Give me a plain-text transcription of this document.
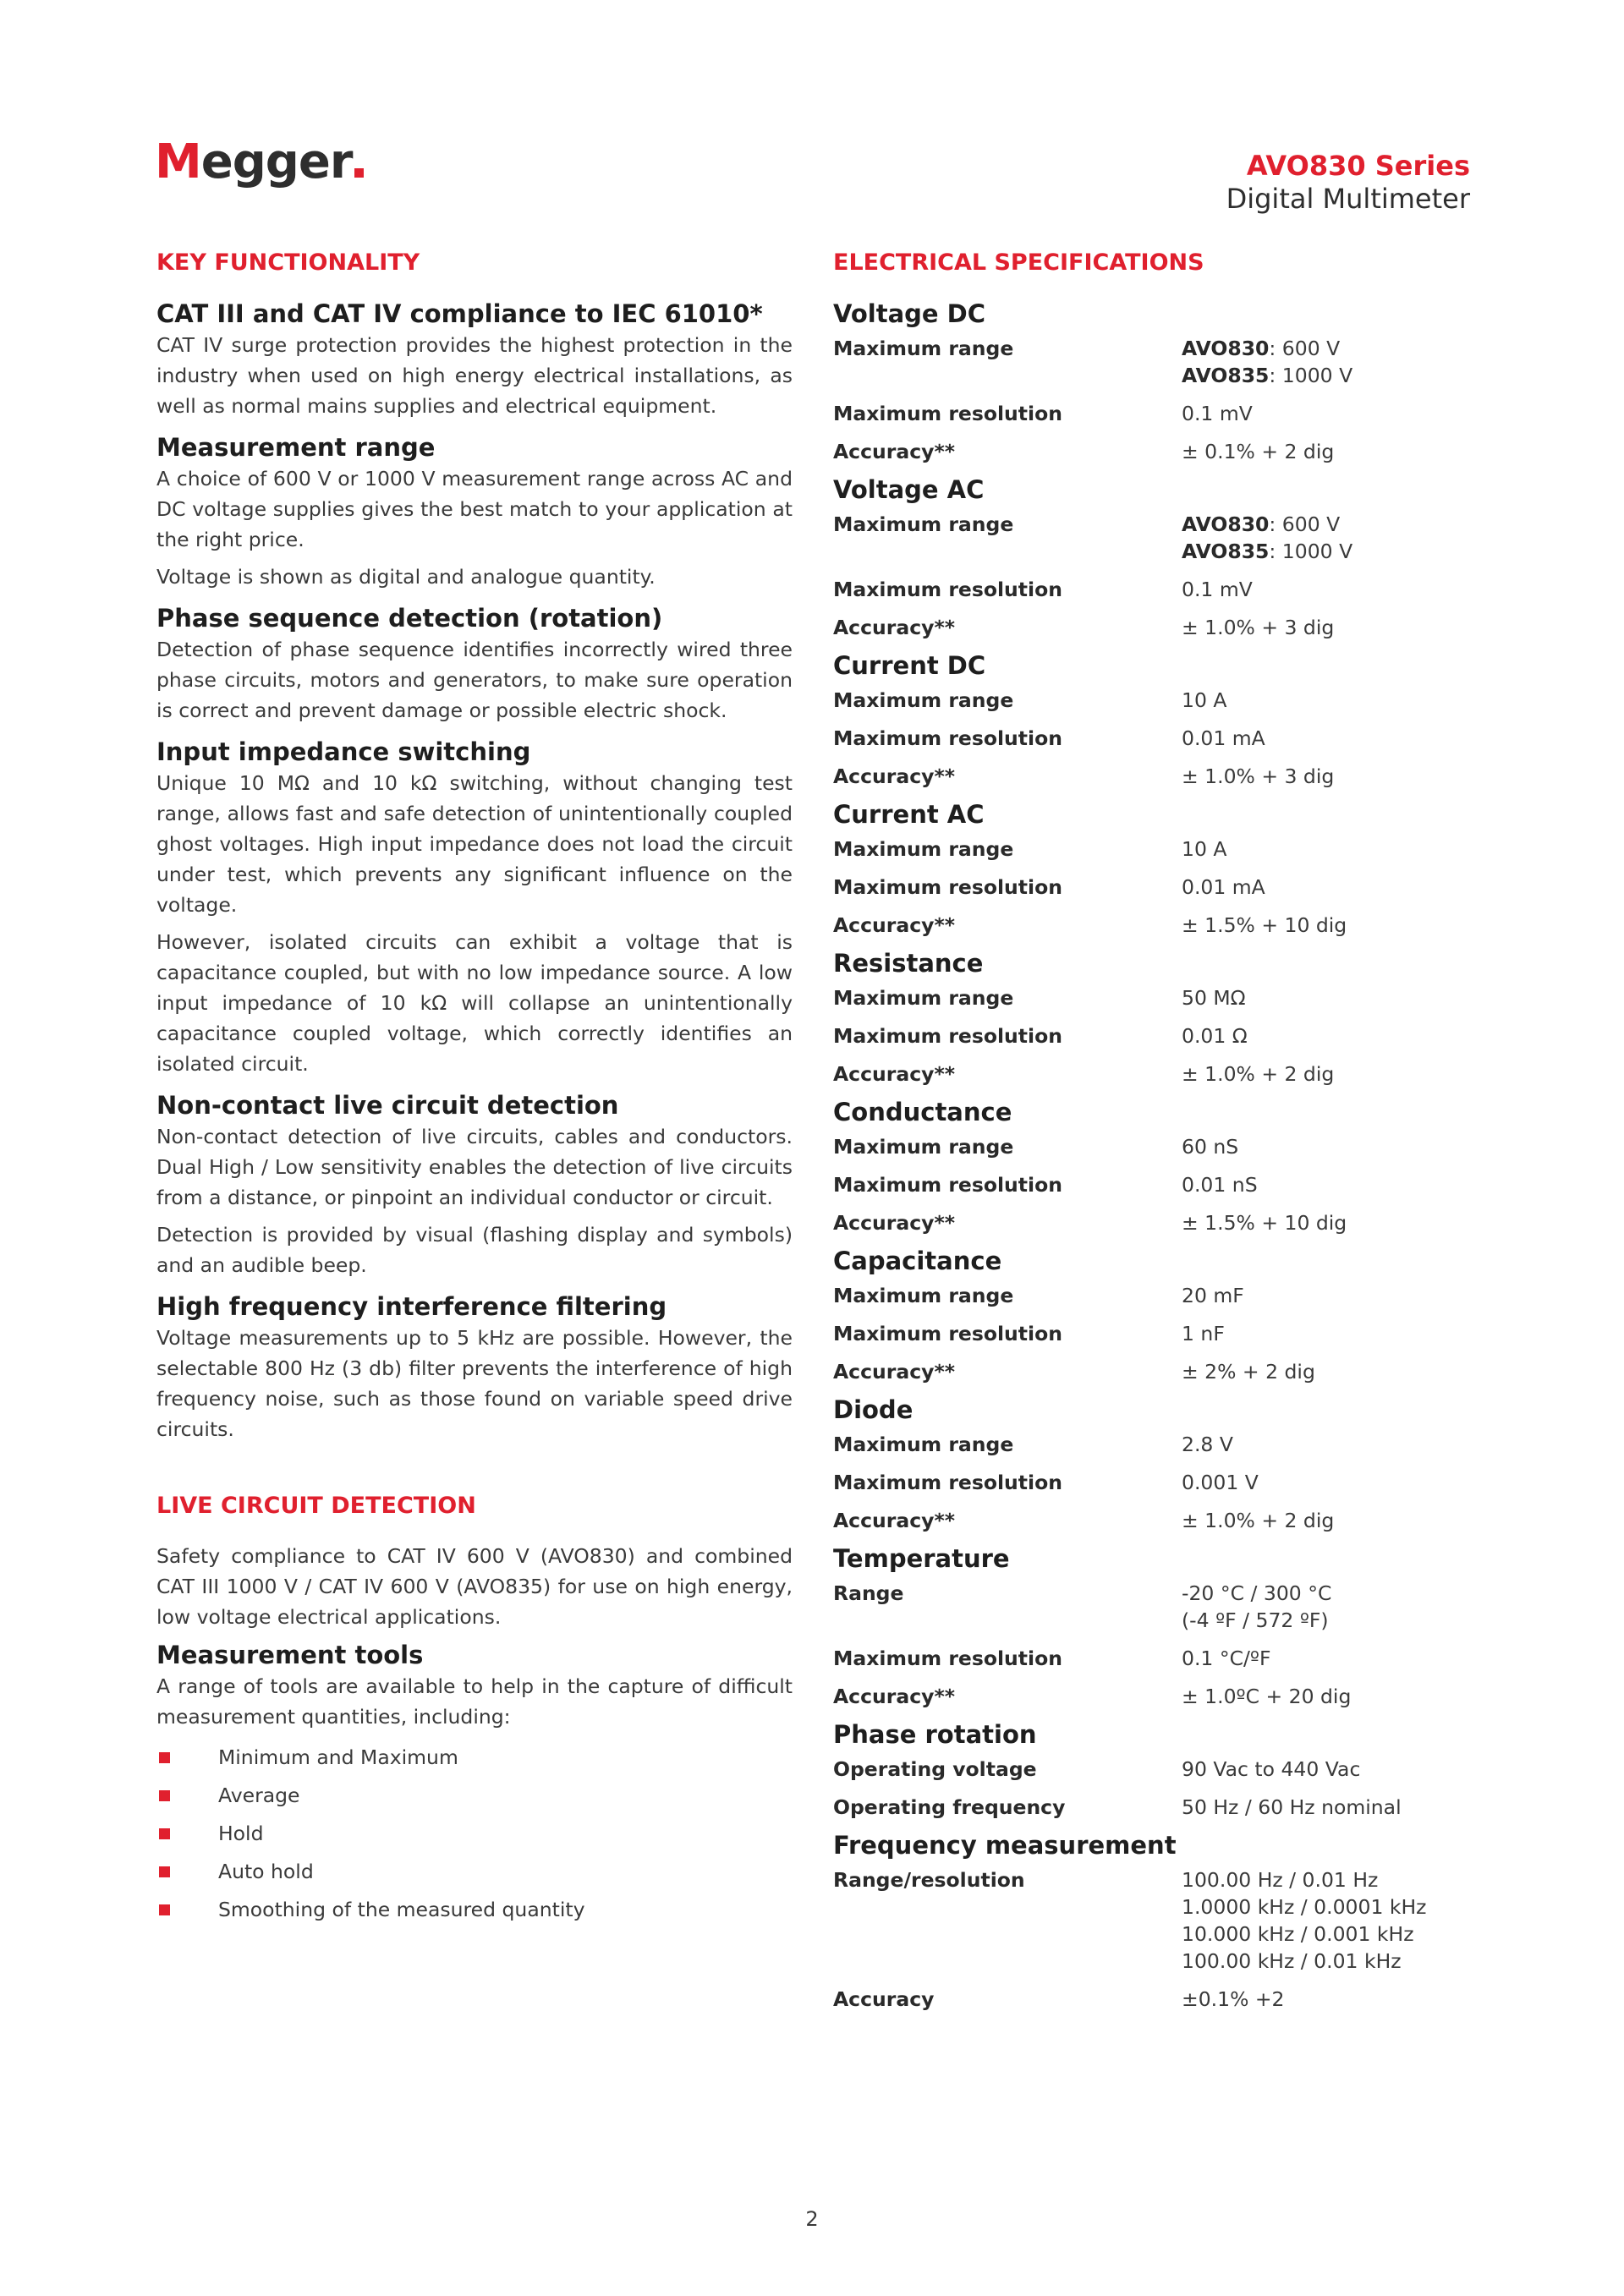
Megger	AVO830 Series
Digital Multimeter
KEY FUNCTIONALITY
CAT III and CAT IV compliance to IEC 61010*

CAT IV surge protection provides the highest protection in the industry when used on high energy electrical installations, as well as normal mains supplies and electrical equipment.

Measurement range

A choice of 600 V or 1000 V measurement range across AC and DC voltage supplies gives the best match to your application at the right price.

Voltage is shown as digital and analogue quantity.

Phase sequence detection (rotation)

Detection of phase sequence identifies incorrectly wired three phase circuits, motors and generators, to make sure operation is correct and prevent damage or possible electric shock.

Input impedance switching

Unique 10 MΩ and 10 kΩ switching, without changing test range, allows fast and safe detection of unintentionally coupled ghost voltages. High input impedance does not load the circuit under test, which prevents any significant influence on the voltage.

However, isolated circuits can exhibit a voltage that is capacitance coupled, but with no low impedance source. A low input impedance of 10 kΩ will collapse an unintentionally capacitance coupled voltage, which correctly identifies an isolated circuit.

Non-contact live circuit detection

Non-contact detection of live circuits, cables and conductors. Dual High / Low sensitivity enables the detection of live circuits from a distance, or pinpoint an individual conductor or circuit.

Detection is provided by visual (flashing display and symbols) and an audible beep.

High frequency interference filtering

Voltage measurements up to 5 kHz are possible. However, the selectable 800 Hz (3 db) filter prevents the interference of high frequency noise, such as those found on variable speed drive circuits.

LIVE CIRCUIT DETECTION

Safety compliance to CAT IV 600 V (AVO830) and combined CAT III 1000 V / CAT IV 600 V (AVO835) for use on high energy, low voltage electrical applications.

Measurement tools

A range of tools are available to help in the capture of difficult measurement quantities, including:

Minimum and Maximum
Average
Hold
Auto hold
Smoothing of the measured quantity
ELECTRICAL SPECIFICATIONS
Voltage DC
Maximum range	AVO830: 600 V
AVO835: 1000 V
Maximum resolution	0.1 mV
Accuracy**	± 0.1% + 2 dig
Voltage AC
Maximum range	AVO830: 600 V
AVO835: 1000 V
Maximum resolution	0.1 mV
Accuracy**	± 1.0% + 3 dig
Current DC
Maximum range	10 A
Maximum resolution	0.01 mA
Accuracy**	± 1.0% + 3 dig
Current AC
Maximum range	10 A
Maximum resolution	0.01 mA
Accuracy**	± 1.5% + 10 dig
Resistance
Maximum range	50 MΩ
Maximum resolution	0.01 Ω
Accuracy**	± 1.0% + 2 dig
Conductance
Maximum range	60 nS
Maximum resolution	0.01 nS
Accuracy**	± 1.5% + 10 dig
Capacitance
Maximum range	20 mF
Maximum resolution	1 nF
Accuracy**	± 2% + 2 dig
Diode
Maximum range	2.8 V
Maximum resolution	0.001 V
Accuracy**	± 1.0% + 2 dig
Temperature
Range	-20 °C / 300 °C
(-4 ºF / 572 ºF)
Maximum resolution	0.1 °C/ºF
Accuracy**	± 1.0ºC + 20 dig
Phase rotation
Operating voltage	90 Vac to 440 Vac
Operating frequency	50 Hz / 60 Hz nominal
Frequency measurement
Range/resolution	100.00 Hz / 0.01 Hz
1.0000 kHz / 0.0001 kHz
10.000 kHz / 0.001 kHz
100.00 kHz / 0.01 kHz
Accuracy	±0.1% +2
2
